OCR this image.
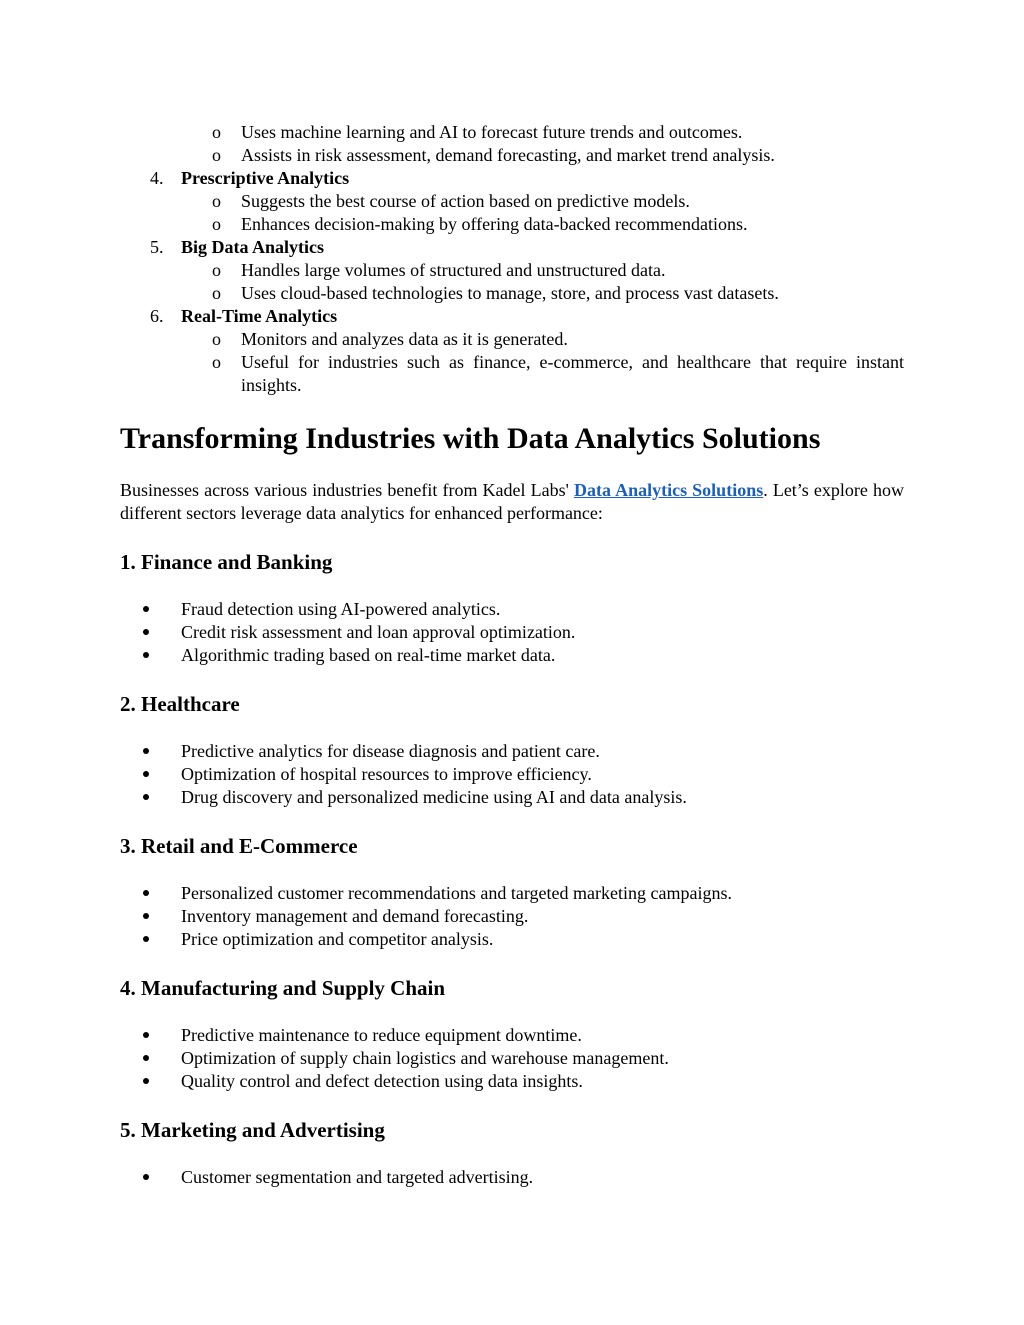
o Uses machine learning and AI to forecast future trends and outcomes.
o Assists in risk assessment, demand forecasting, and market trend analysis.
4. Prescriptive Analytics
o Suggests the best course of action based on predictive models.
o Enhances decision-making by offering data-backed recommendations.
5. Big Data Analytics
o Handles large volumes of structured and unstructured data.
o Uses cloud-based technologies to manage, store, and process vast datasets.
6. Real-Time Analytics
o Monitors and analyzes data as it is generated.
o Useful for industries such as finance, e-commerce, and healthcare that require instant insights.
Transforming Industries with Data Analytics Solutions
Businesses across various industries benefit from Kadel Labs' Data Analytics Solutions. Let’s explore how different sectors leverage data analytics for enhanced performance:
1. Finance and Banking
Fraud detection using AI-powered analytics.
Credit risk assessment and loan approval optimization.
Algorithmic trading based on real-time market data.
2. Healthcare
Predictive analytics for disease diagnosis and patient care.
Optimization of hospital resources to improve efficiency.
Drug discovery and personalized medicine using AI and data analysis.
3. Retail and E-Commerce
Personalized customer recommendations and targeted marketing campaigns.
Inventory management and demand forecasting.
Price optimization and competitor analysis.
4. Manufacturing and Supply Chain
Predictive maintenance to reduce equipment downtime.
Optimization of supply chain logistics and warehouse management.
Quality control and defect detection using data insights.
5. Marketing and Advertising
Customer segmentation and targeted advertising.
